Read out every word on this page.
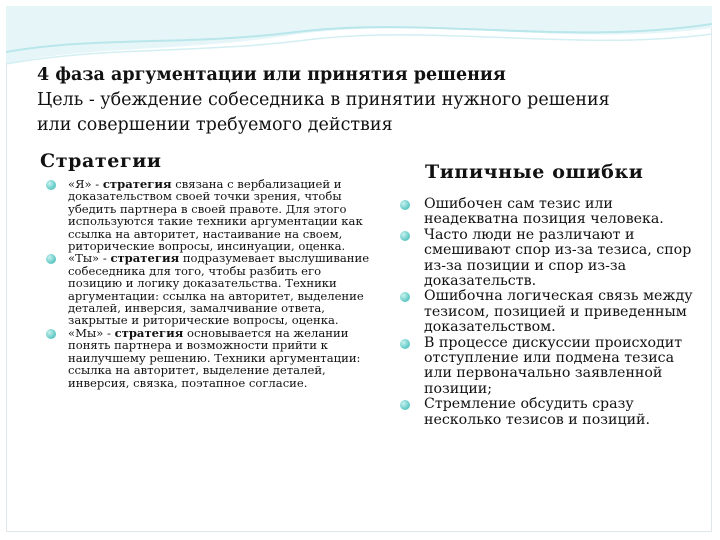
4 фаза аргументации или принятия решения
Цель - убеждение собеседника в принятии нужного решения
или совершении требуемого действия
Стратегии	Типичные ошибки
«Я» - стратегия связана с вербализацией и доказательством своей точки зрения, чтобы убедить партнера в своей правоте. Для этого используются такие техники аргументации как ссылка на авторитет, настаивание на своем, риторические вопросы, инсинуации, оценка.
«Ты» - стратегия подразумевает выслушивание собеседника для того, чтобы разбить его позицию и логику доказательства. Техники аргументации: ссылка на авторитет, выделение деталей, инверсия, замалчивание ответа, закрытые и риторические вопросы, оценка.
«Мы» - стратегия основывается на желании понять партнера и возможности прийти к наилучшему решению. Техники аргументации: ссылка на авторитет, выделение деталей, инверсия, связка, поэтапное согласие.
Ошибочен сам тезис или неадекватна позиция человека.
Часто люди не различают и смешивают спор из-за тезиса, спор из-за позиции и спор из-за доказательств.
Ошибочна логическая связь между тезисом, позицией и приведенным доказательством.
В процессе дискуссии происходит отступление или подмена тезиса или первоначально заявленной позиции;
Стремление обсудить сразу несколько тезисов и позиций.
